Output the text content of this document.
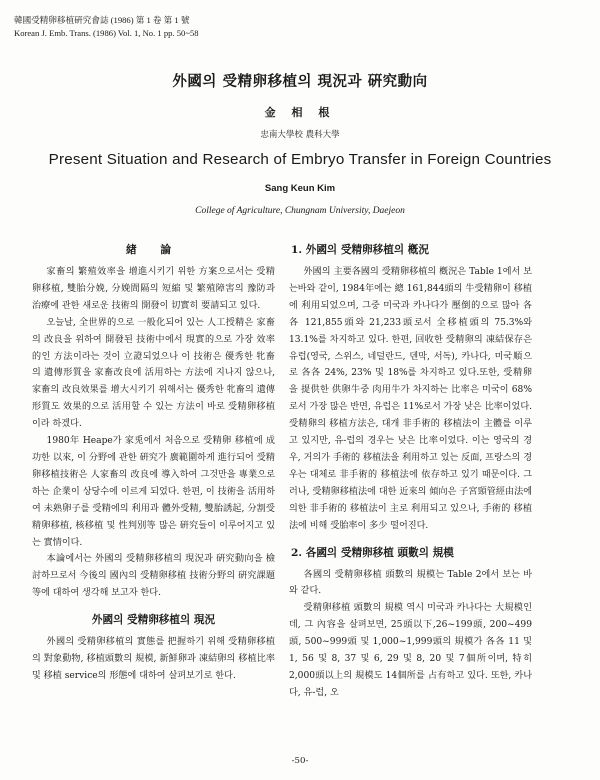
韓國受精卵移植硏究會誌 (1986) 第 1 卷 第 1 號
Korean J. Emb. Trans. (1986) Vol. 1, No. 1 pp. 50~58
外國의 受精卵移植의 現況과 硏究動向
金 相 根
忠南大學校 農科大學
Present Situation and Research of Embryo Transfer in Foreign Countries
Sang Keun Kim
College of Agriculture, Chungnam University, Daejeon
緖 論

家畜의 繁殖效率을 增進시키기 위한 方案으로서는 受精卵移植, 雙胎分娩, 分娩間隔의 短縮 및 繁殖障害의 豫防과 治療에 관한 새로운 技術의 開發이 切實히 要請되고 있다.

오늘날, 全世界的으로 一般化되어 있는 人工授精은 家畜의 改良을 위하여 開發된 技術中에서 現實的으로 가장 效率的인 方法이라는 것이 立證되었으나 이 技術은 優秀한 牝畜의 遺傳形質을 家畜改良에 活用하는 方法에 지나지 않으나, 家畜의 改良效果를 增大시키기 위해서는 優秀한 牝畜의 遺傳形質도 效果的으로 活用할 수 있는 方法이 바로 受精卵移植이라 하겠다.

1980年 Heape가 家兎에서 처음으로 受精卵 移植에 成功한 以來, 이 分野에 관한 硏究가 廣範圍하게 進行되어 受精卵移植技術은 人家畜의 改良에 導入하여 그것만을 專業으로 하는 企業이 상당수에 이르게 되었다. 한편, 이 技術을 活用하여 未熟卵子를 受精에의 利用과 體外受精, 雙胎誘起, 分割受精卵移植, 核移植 및 性判別等 많은 硏究들이 이루어지고 있는 實情이다.

本論에서는 外國의 受精卵移植의 現況과 硏究動向을 檢討하므로서 今後의 國內의 受精卵移植 技術分野의 硏究課題等에 대하여 생각해 보고자 한다.

外國의 受精卵移植의 現況

外國의 受精卵移植의 實態를 把握하기 위해 受精卵移植의 對象動物, 移植頭數의 規模, 新鮮卵과 凍結卵의 移植比率 및 移植 service의 形態에 대하여 살펴보기로 한다.

1. 外國의 受精卵移植의 槪況

外國의 主要各國의 受精卵移植의 槪況은 Table 1에서 보는바와 같이, 1984年에는 總 161,844頭의 牛受精卵이 移植에 利用되었으며, 그중 미국과 카나다가 壓倒的으로 많아 各各 121,855頭와 21,233頭로서 全移植頭의 75.3%와 13.1%를 차지하고 있다. 한편, 回收한 受精卵의 凍結保存은 유럽(영국, 스위스, 네덜란드, 덴막, 서독), 카나다, 미국順으로 各各 24%, 23% 및 18%를 차지하고 있다.또한, 受精卵을 提供한 供卵牛중 肉用牛가 차지하는 比率은 미국이 68%로서 가장 많은 반면, 유럽은 11%로서 가장 낮은 比率이었다. 受精卵의 移植方法은, 대개 非手術的 移植法이 主體를 이루고 있지만, 유-럽의 경우는 낮은 比率이었다. 이는 영국의 경우, 거의가 手術的 移植法을 利用하고 있는 反面, 프랑스의 경우는 대체로 非手術的 移植法에 依存하고 있기 때문이다. 그러나, 受精卵移植法에 대한 近來의 傾向은 子宮頸管經由法에 의한 非手術的 移植法이 主로 利用되고 있으나, 手術的 移植法에 비해 受胎率이 多少 떨어진다.

2. 各國의 受精卵移植 頭數의 規模

各國의 受精卵移植 頭數의 規模는 Table 2에서 보는 바와 같다.

受精卵移植 頭數의 規模 역시 미국과 카나다는 大規模인데, 그 內容을 살펴보면, 25頭以下,26~199頭, 200~499頭, 500~999頭 및 1,000~1,999頭의 規模가 各各 11 및 1, 56 및 8, 37 및 6, 29 및 8, 20 및 7個所이며, 特히 2,000頭以上의 規模도 14個所를 占有하고 있다. 또한, 카나다, 유-럽, 오

-50-
